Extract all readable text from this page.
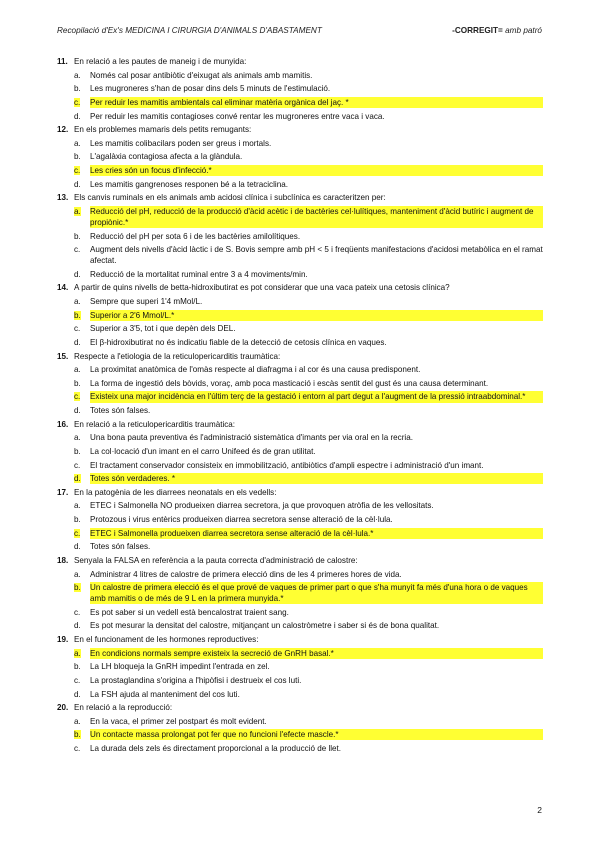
Recopilació d'Ex's MEDICINA I CIRURGIA D'ANIMALS D'ABASTAMENT	-CORREGIT= amb patró
11. En relació a les pautes de maneig i de munyida:
a.	Només cal posar antibiòtic d'eixugat als animals amb mamitis.
b.	Les mugroneres s'han de posar dins dels 5 minuts de l'estimulació.
c.	Per reduir les mamitis ambientals cal eliminar matèria orgànica del jaç. *
d.	Per reduir les mamitis contagioses convé rentar les mugroneres entre vaca i vaca.
12. En els problemes mamaris dels petits remugants:
a.	Les mamitis colibacilars poden ser greus i mortals.
b.	L'agalàxia contagiosa afecta a la glàndula.
c.	Les cries són un focus d'infecció.*
d.	Les mamitis gangrenoses responen bé a la tetraciclina.
13. Els canvis ruminals en els animals amb acidosi clínica i subclínica es caracteritzen per:
a.	Reducció del pH, reducció de la producció d'àcid acètic i de bactèries cel·lulítiques, manteniment d'àcid butíric i augment de propiònic.*
b.	Reducció del pH per sota 6 i de les bactèries amilolítiques.
c.	Augment dels nivells d'àcid làctic i de S. Bovis sempre amb pH < 5 i freqüents manifestacions d'acidosi metabòlica en el ramat afectat.
d.	Reducció de la mortalitat ruminal entre 3 a 4 moviments/min.
14. A partir de quins nivells de betta-hidroxibutirat es pot considerar que una vaca pateix una cetosis clínica?
a.	Sempre que superi 1'4 mMol/L.
b.	Superior a 2'6 Mmol/L.*
c.	Superior a 3'5, tot i que depèn dels DEL.
d.	El β-hidroxibutirat no és indicatiu fiable de la detecció de cetosis clínica en vaques.
15. Respecte a l'etiologia de la reticulopericarditis traumàtica:
a.	La proximitat anatòmica de l'omàs respecte al diafragma i al cor és una causa predisponent.
b.	La forma de ingestió dels bòvids, voraç, amb poca masticació i escàs sentit del gust és una causa determinant.
c.	Existeix una major incidència en l'últim terç de la gestació i entorn al part degut a l'augment de la pressió intraabdominal.*
d.	Totes són falses.
16. En relació a la reticulopericarditis traumàtica:
a.	Una bona pauta preventiva és l'administració sistemàtica d'imants per via oral en la recria.
b.	La col·locació d'un imant en el carro Unifeed és de gran utilitat.
c.	El tractament conservador consisteix en immobilització, antibiòtics d'ampli espectre i administració d'un imant.
d.	Totes són verdaderes. *
17. En la patogènia de les diarrees neonatals en els vedells:
a.	ETEC i Salmonella NO produeixen diarrea secretora, ja que provoquen atròfia de les vellositats.
b.	Protozous i virus entèrics produeixen diarrea secretora sense alteració de la cèl·lula.
c.	ETEC i Salmonella produeixen diarrea secretora sense alteració de la cèl·lula.*
d.	Totes són falses.
18. Senyala la FALSA en referència a la pauta correcta d'administració de calostre:
a.	Administrar 4 litres de calostre de primera elecció dins de les 4 primeres hores de vida.
b.	Un calostre de primera elecció és el que prové de vaques de primer part o que s'ha munyit fa més d'una hora o de vaques amb mamitis o de més de 9 L en la primera munyida.*
c.	Es pot saber si un vedell està bencalostrat traient sang.
d.	Es pot mesurar la densitat del calostre, mitjançant un calostròmetre i saber si és de bona qualitat.
19. En el funcionament de les hormones reproductives:
a.	En condicions normals sempre existeix la secreció de GnRH basal.*
b.	La LH bloqueja la GnRH impedint l'entrada en zel.
c.	La prostaglandina s'origina a l'hipòfisi i destrueix el cos luti.
d.	La FSH ajuda al manteniment del cos luti.
20. En relació a la reproducció:
a.	En la vaca, el primer zel postpart és molt evident.
b.	Un contacte massa prolongat pot fer que no funcioni l'efecte mascle.*
c.	La durada dels zels és directament proporcional a la producció de llet.
2
